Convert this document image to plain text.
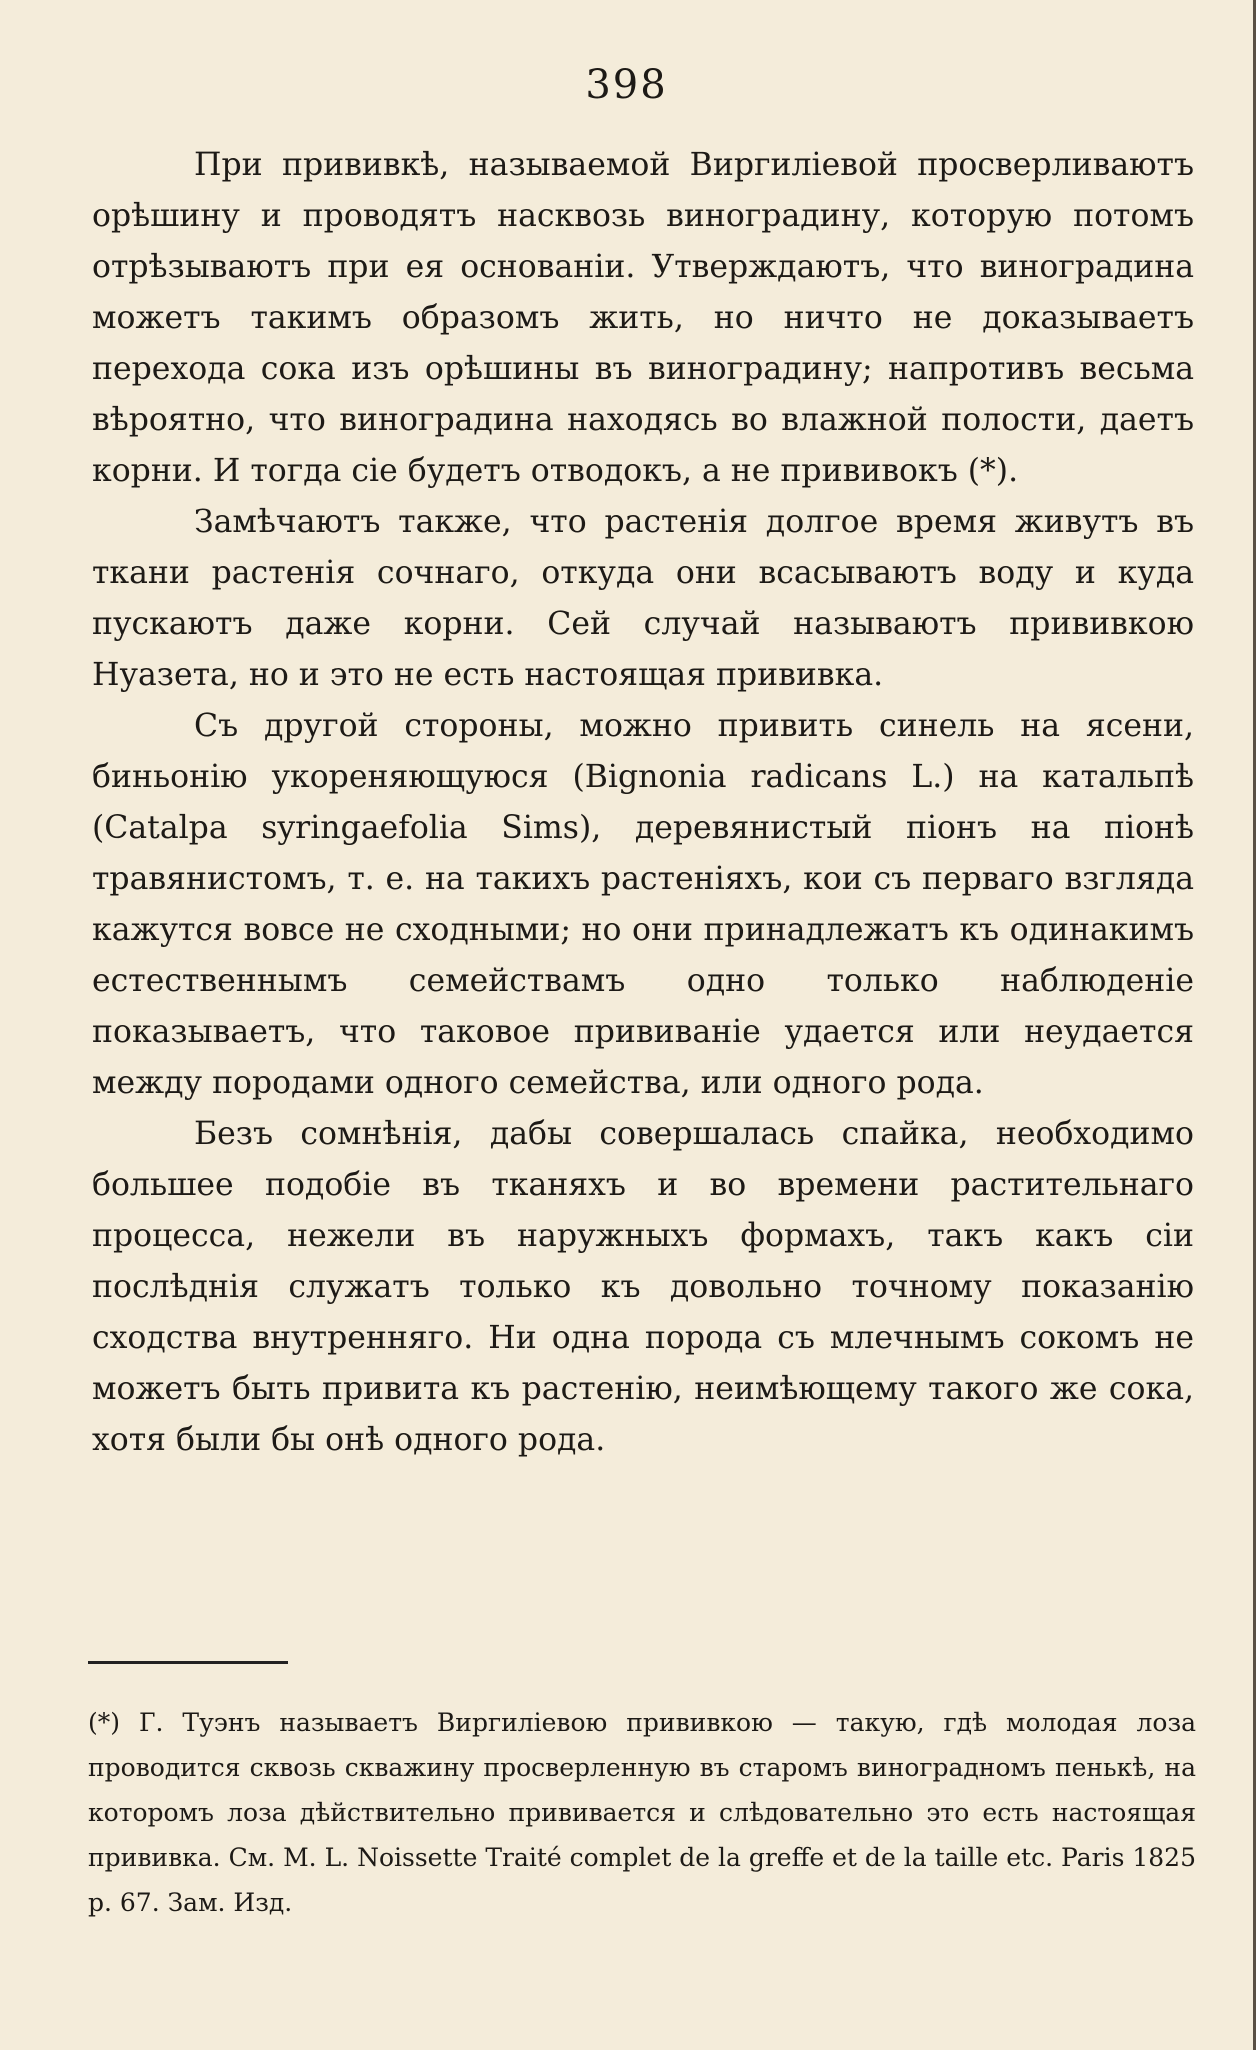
398

При прививкѣ, называемой Виргиліевой просверливаютъ орѣшину и проводятъ насквозь виноградину, которую потомъ отрѣзываютъ при ея основаніи. Утверждаютъ, что виноградина можетъ такимъ образомъ жить, но ничто не доказываетъ перехода сока изъ орѣшины въ виноградину; напротивъ весьма вѣроятно, что виноградина находясь во влажной полости, даетъ корни. И тогда сіе будетъ отводокъ, а не прививокъ (*).

Замѣчаютъ также, что растенія долгое время живутъ въ ткани растенія сочнаго, откуда они всасываютъ воду и куда пускаютъ даже корни. Сей случай называютъ прививкою Нуазета, но и это не есть настоящая прививка.

Съ другой стороны, можно привить синель на ясени, биньонію укореняющуюся (Bignonia radicans L.) на катальпѣ (Catalpa syringaefolia Sims), деревянистый піонъ на піонѣ травянистомъ, т. е. на такихъ растеніяхъ, кои съ перваго взгляда кажутся вовсе не сходными; но они принадлежатъ къ одинакимъ естественнымъ семействамъ одно только наблюденіе показываетъ, что таковое прививаніе удается или неудается между породами одного семейства, или одного рода.

Безъ сомнѣнія, дабы совершалась спайка, необходимо большее подобіе въ тканяхъ и во времени растительнаго процесса, нежели въ наружныхъ формахъ, такъ какъ сіи послѣднія служатъ только къ довольно точному показанію сходства внутренняго. Ни одна порода съ млечнымъ сокомъ не можетъ быть привита къ растенію, неимѣющему такого же сока, хотя были бы онѣ одного рода.

(*) Г. Туэнъ называетъ Виргиліевою прививкою — такую, гдѣ молодая лоза проводится сквозь скважину просверленную въ старомъ виноградномъ пенькѣ, на которомъ лоза дѣйствительно прививается и слѣдовательно это есть настоящая прививка. См. M. L. Noissette Traité complet de la greffe et de la taille etc. Paris 1825 p. 67. Зам. Изд.
